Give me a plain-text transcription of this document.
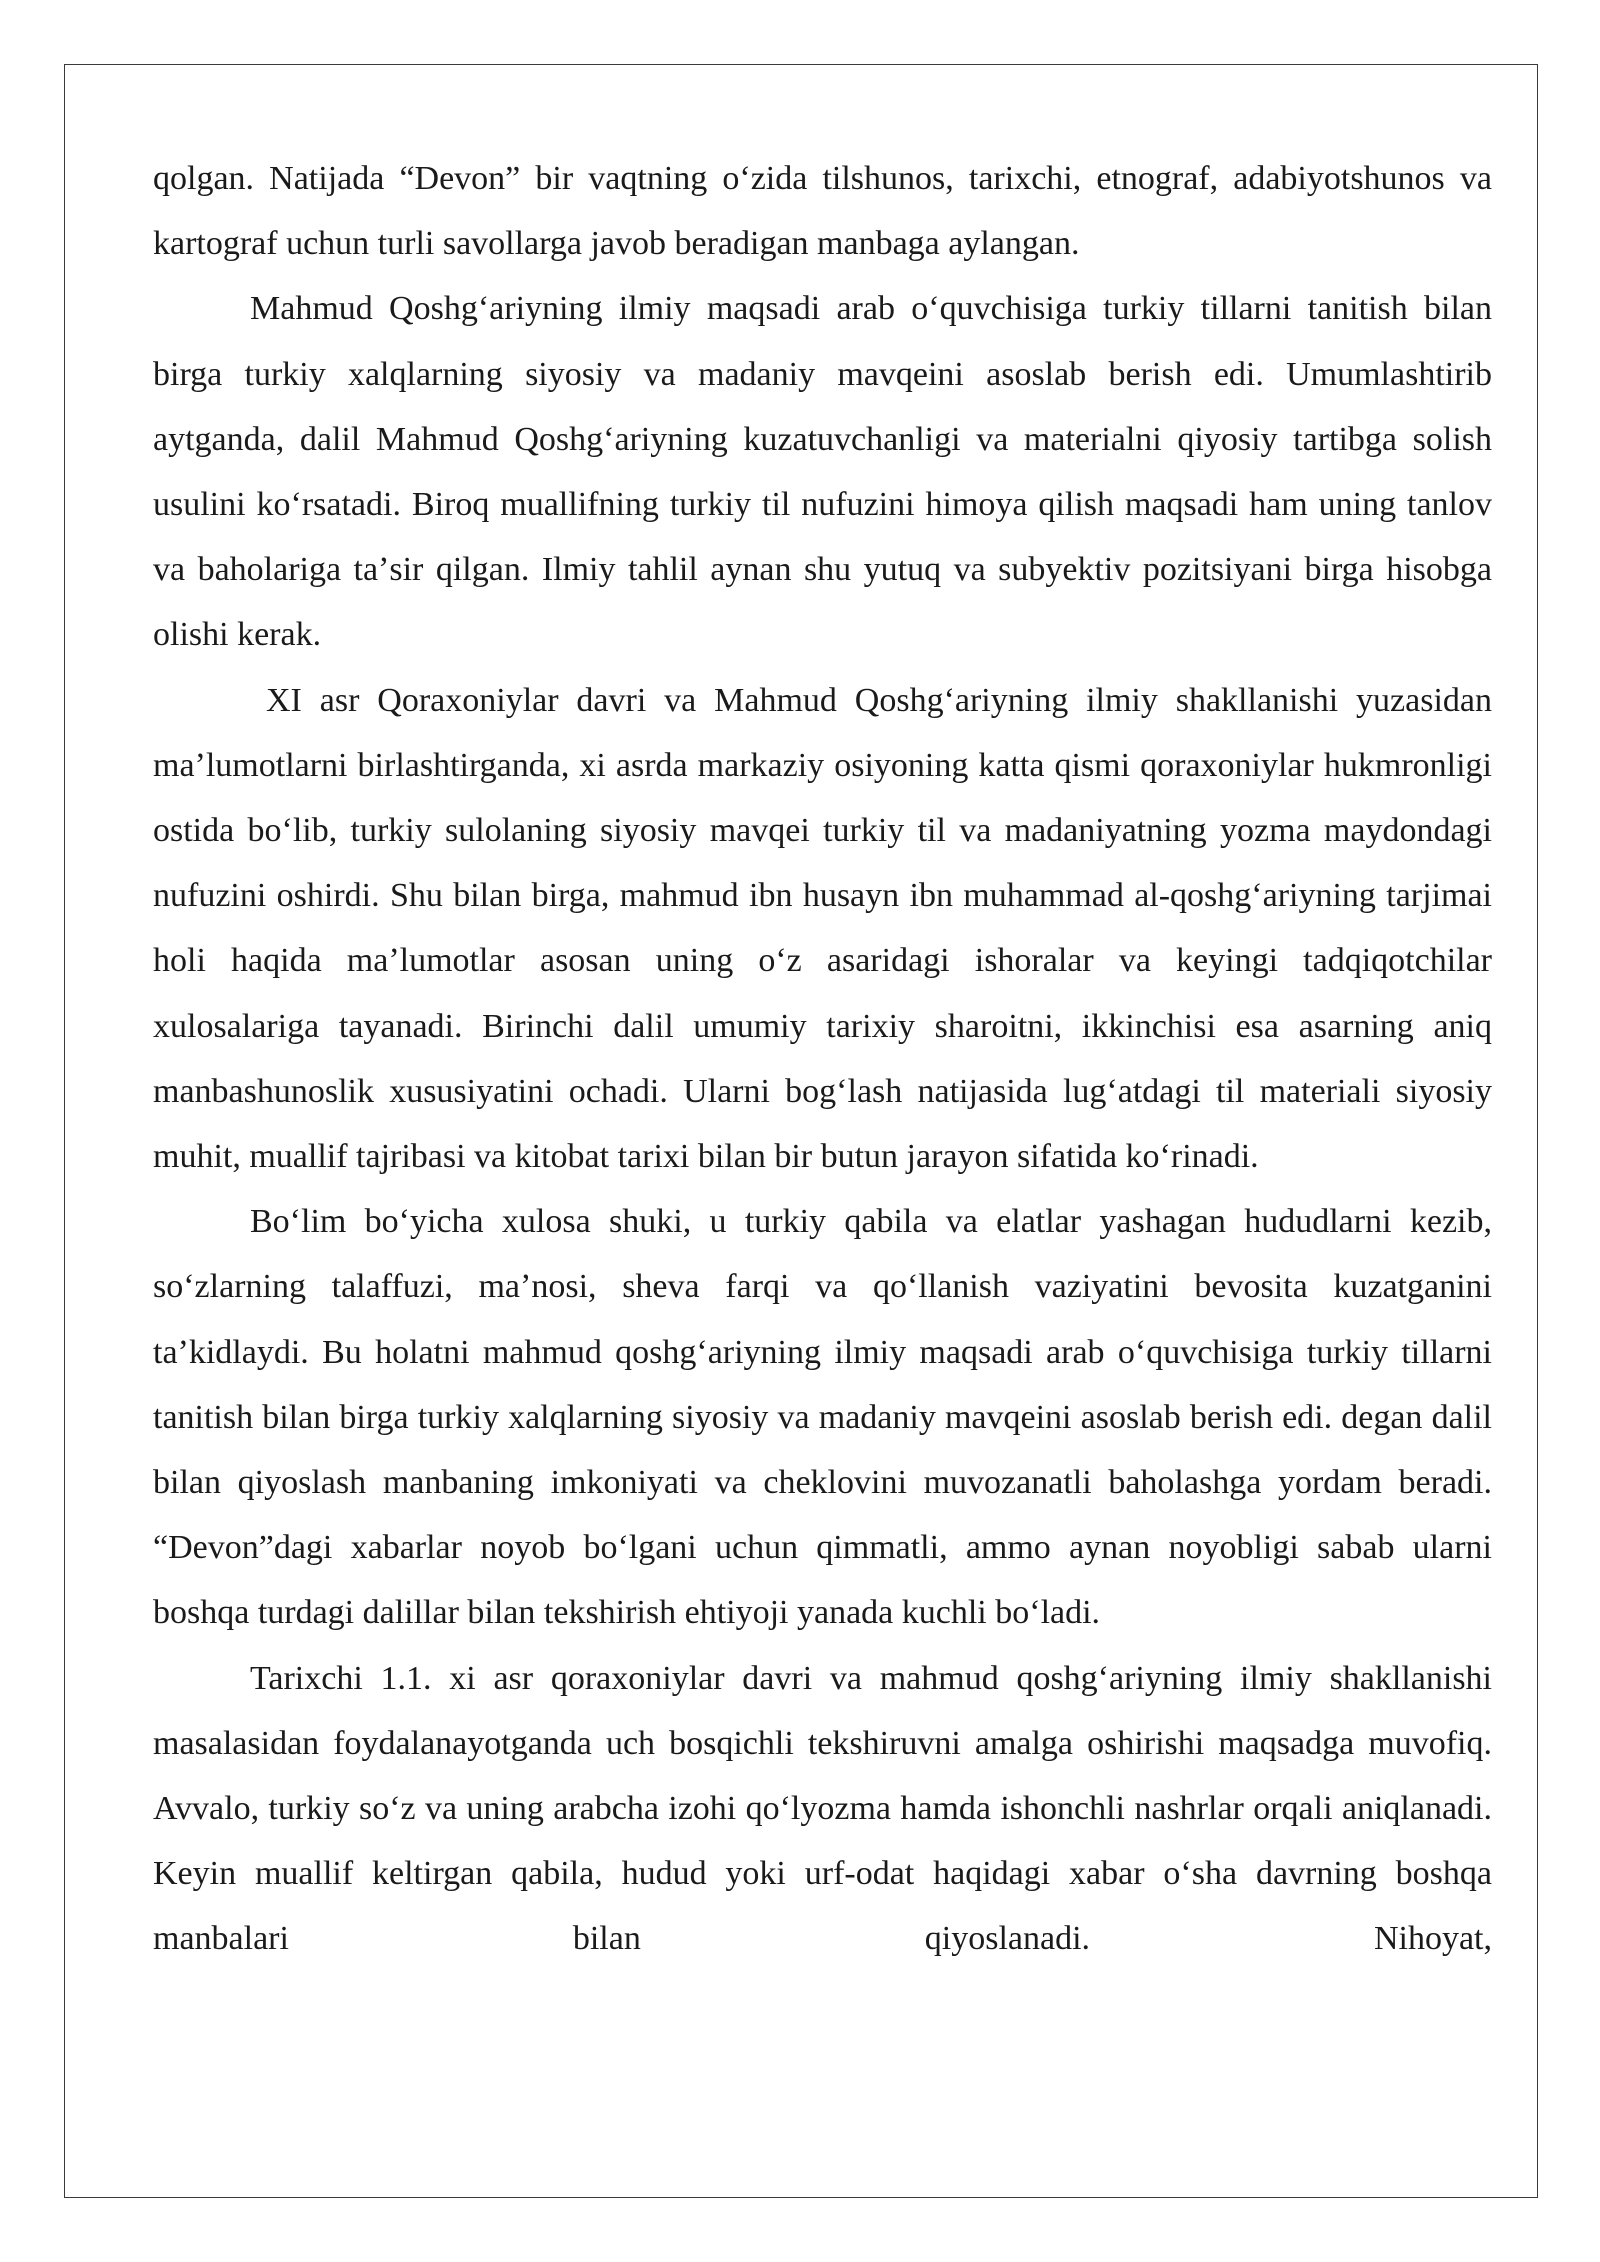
qolgan. Natijada “Devon” bir vaqtning oʻzida tilshunos, tarixchi, etnograf, adabiyotshunos va kartograf uchun turli savollarga javob beradigan manbaga aylangan.

Mahmud Qoshgʻariyning ilmiy maqsadi arab oʻquvchisiga turkiy tillarni tanitish bilan birga turkiy xalqlarning siyosiy va madaniy mavqeini asoslab berish edi. Umumlashtirib aytganda, dalil Mahmud Qoshgʻariyning kuzatuvchanligi va materialni qiyosiy tartibga solish usulini koʻrsatadi. Biroq muallifning turkiy til nufuzini himoya qilish maqsadi ham uning tanlov va baholariga taʼsir qilgan. Ilmiy tahlil aynan shu yutuq va subyektiv pozitsiyani birga hisobga olishi kerak.

XI asr Qoraxoniylar davri va Mahmud Qoshgʻariyning ilmiy shakllanishi yuzasidan maʼlumotlarni birlashtirganda, xi asrda markaziy osiyoning katta qismi qoraxoniylar hukmronligi ostida boʻlib, turkiy sulolaning siyosiy mavqei turkiy til va madaniyatning yozma maydondagi nufuzini oshirdi. Shu bilan birga, mahmud ibn husayn ibn muhammad al-qoshgʻariyning tarjimai holi haqida maʼlumotlar asosan uning oʻz asaridagi ishoralar va keyingi tadqiqotchilar xulosalariga tayanadi. Birinchi dalil umumiy tarixiy sharoitni, ikkinchisi esa asarning aniq manbashunoslik xususiyatini ochadi. Ularni bogʻlash natijasida lugʻatdagi til materiali siyosiy muhit, muallif tajribasi va kitobat tarixi bilan bir butun jarayon sifatida koʻrinadi.

Boʻlim boʻyicha xulosa shuki, u turkiy qabila va elatlar yashagan hududlarni kezib, soʻzlarning talaffuzi, maʼnosi, sheva farqi va qoʻllanish vaziyatini bevosita kuzatganini taʼkidlaydi. Bu holatni mahmud qoshgʻariyning ilmiy maqsadi arab oʻquvchisiga turkiy tillarni tanitish bilan birga turkiy xalqlarning siyosiy va madaniy mavqeini asoslab berish edi. degan dalil bilan qiyoslash manbaning imkoniyati va cheklovini muvozanatli baholashga yordam beradi. “Devon”dagi xabarlar noyob boʻlgani uchun qimmatli, ammo aynan noyobligi sabab ularni boshqa turdagi dalillar bilan tekshirish ehtiyoji yanada kuchli boʻladi.

Tarixchi 1.1. xi asr qoraxoniylar davri va mahmud qoshgʻariyning ilmiy shakllanishi masalasidan foydalanayotganda uch bosqichli tekshiruvni amalga oshirishi maqsadga muvofiq. Avvalo, turkiy soʻz va uning arabcha izohi qoʻlyozma hamda ishonchli nashrlar orqali aniqlanadi. Keyin muallif keltirgan qabila, hudud yoki urf-odat haqidagi xabar oʻsha davrning boshqa manbalari bilan qiyoslanadi. Nihoyat,
